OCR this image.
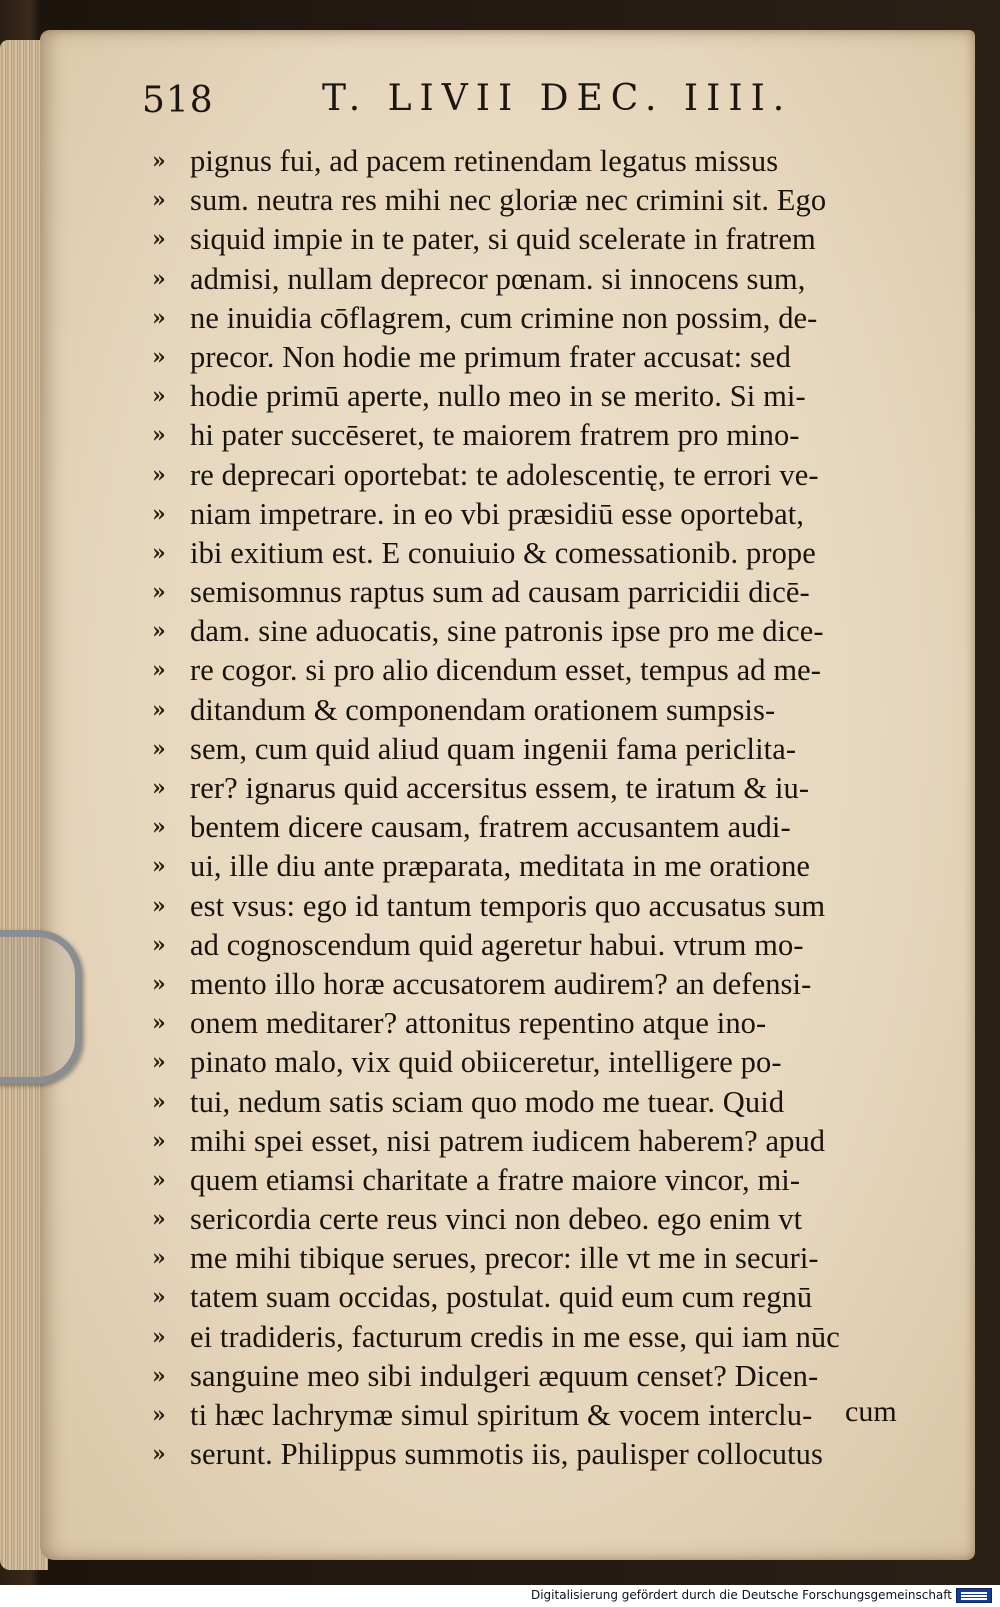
518	T. LIVII DEC. IIII.
» pignus fui, ad pacem retinendam legatus missus
» sum. neutra res mihi nec gloriæ nec crimini sit. Ego
» siquid impie in te pater, si quid scelerate in fratrem
» admisi, nullam deprecor pœnam. si innocens sum,
» ne inuidia cōflagrem, cum crimine non possim, de-
» precor. Non hodie me primum frater accusat: sed
» hodie primū aperte, nullo meo in se merito. Si mi-
» hi pater succēseret, te maiorem fratrem pro mino-
» re deprecari oportebat: te adolescentię, te errori ve-
» niam impetrare. in eo vbi præsidiū esse oportebat,
» ibi exitium est. E conuiuio & comessationib. prope
» semisomnus raptus sum ad causam parricidii dicē-
» dam. sine aduocatis, sine patronis ipse pro me dice-
» re cogor. si pro alio dicendum esset, tempus ad me-
» ditandum & componendam orationem sumpsis-
» sem, cum quid aliud quam ingenii fama periclita-
» rer? ignarus quid accersitus essem, te iratum & iu-
» bentem dicere causam, fratrem accusantem audi-
» ui, ille diu ante præparata, meditata in me oratione
» est vsus: ego id tantum temporis quo accusatus sum
» ad cognoscendum quid ageretur habui. vtrum mo-
» mento illo horæ accusatorem audirem? an defensi-
» onem meditarer? attonitus repentino atque ino-
» pinato malo, vix quid obiiceretur, intelligere po-
» tui, nedum satis sciam quo modo me tuear. Quid
» mihi spei esset, nisi patrem iudicem haberem? apud
» quem etiamsi charitate a fratre maiore vincor, mi-
» sericordia certe reus vinci non debeo. ego enim vt
» me mihi tibique serues, precor: ille vt me in securi-
» tatem suam occidas, postulat. quid eum cum regnū
» ei tradideris, facturum credis in me esse, qui iam nūc
» sanguine meo sibi indulgeri æquum censet? Dicen-
» ti hæc lachrymæ simul spiritum & vocem interclu-
» serunt. Philippus summotis iis, paulisper collocutus
cum
Digitalisierung gefördert durch die Deutsche Forschungsgemeinschaft
